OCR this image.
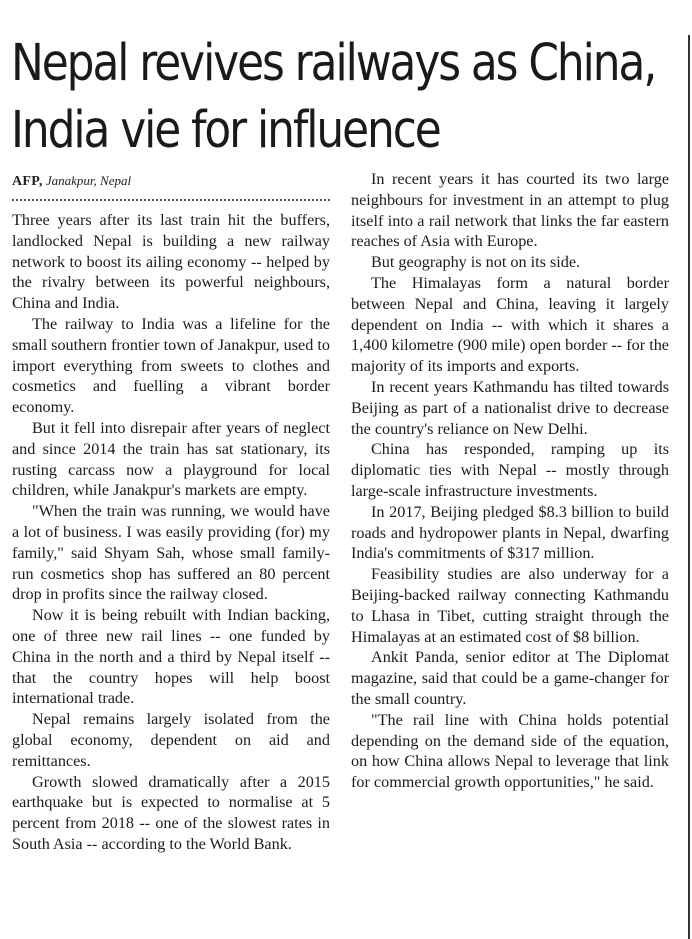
Nepal revives railways as China,
India vie for influence
AFP, Janakpur, Nepal

Three years after its last train hit the buffers, landlocked Nepal is building a new railway network to boost its ailing economy -- helped by the rivalry between its powerful neighbours, China and India.

The railway to India was a lifeline for the small southern frontier town of Janakpur, used to import everything from sweets to clothes and cosmetics and fuelling a vibrant border economy.

But it fell into disrepair after years of neglect and since 2014 the train has sat stationary, its rusting carcass now a playground for local children, while Janakpur's markets are empty.

"When the train was running, we would have a lot of business. I was easily providing (for) my family," said Shyam Sah, whose small family-run cosmetics shop has suffered an 80 percent drop in profits since the railway closed.

Now it is being rebuilt with Indian backing, one of three new rail lines -- one funded by China in the north and a third by Nepal itself -- that the country hopes will help boost international trade.

Nepal remains largely isolated from the global economy, dependent on aid and remittances.

Growth slowed dramatically after a 2015 earthquake but is expected to normalise at 5 percent from 2018 -- one of the slowest rates in South Asia -- according to the World Bank.

In recent years it has courted its two large neighbours for investment in an attempt to plug itself into a rail network that links the far eastern reaches of Asia with Europe.

But geography is not on its side.

The Himalayas form a natural border between Nepal and China, leaving it largely dependent on India -- with which it shares a 1,400 kilometre (900 mile) open border -- for the majority of its imports and exports.

In recent years Kathmandu has tilted towards Beijing as part of a nationalist drive to decrease the country's reliance on New Delhi.

China has responded, ramping up its diplomatic ties with Nepal -- mostly through large-scale infrastructure investments.

In 2017, Beijing pledged $8.3 billion to build roads and hydropower plants in Nepal, dwarfing India's commitments of $317 million.

Feasibility studies are also underway for a Beijing-backed railway connecting Kathmandu to Lhasa in Tibet, cutting straight through the Himalayas at an estimated cost of $8 billion.

Ankit Panda, senior editor at The Diplomat magazine, said that could be a game-changer for the small country.

"The rail line with China holds potential depending on the demand side of the equation, on how China allows Nepal to leverage that link for commercial growth opportunities," he said.
